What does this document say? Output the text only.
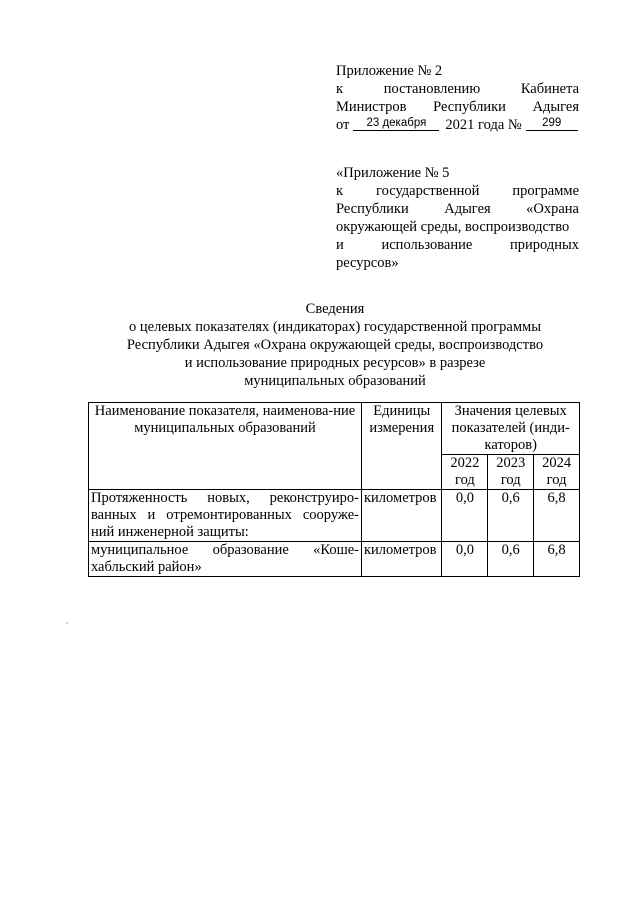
Приложение № 2
к	постановлению	Кабинета
Министров Республики Адыгея
от	23 декабря	2021 года №	299
«Приложение № 5
к государственной программе
Республики Адыгея «Охрана
окружающей среды, воспроизводство
и	использование	природных
ресурсов»
Сведения
о целевых показателях (индикаторах) государственной программы
Республики Адыгея «Охрана окружающей среды, воспроизводство
и использование природных ресурсов» в разрезе
муниципальных образований
Наименование показателя, наименова-ние муниципальных образований	Единицы измерения	Значения целевых показателей (инди-каторов)		
		2022 год	2023 год	2024 год
Протяженность новых, реконструиро-ванных и отремонтированных сооруже-ний инженерной защиты:	километров	0,0	0,6	6,8
муниципальное образование «Коше-хабльский район»	километров	0,0	0,6	6,8
